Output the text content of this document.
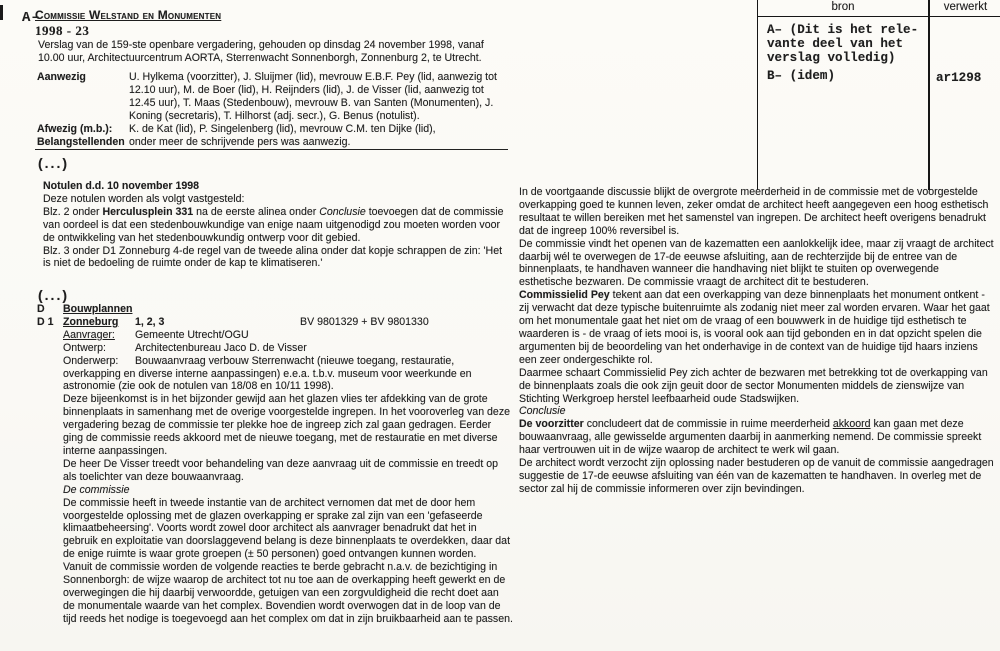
A–
bron	verwerkt
A– (Dit is het rele-
vante deel van het
verslag volledig)
B– (idem)	ar1298
Commissie Welstand en Monumenten
1998 - 23

Verslag van de 159-ste openbare vergadering, gehouden op dinsdag 24 november 1998, vanaf 10.00 uur, Architectuurcentrum AORTA, Sterrenwacht Sonnenborgh, Zonnenburg 2, te Utrecht.

Aanwezig	U. Hylkema (voorzitter), J. Sluijmer (lid), mevrouw E.B.F. Pey (lid, aanwezig tot 12.10 uur), M. de Boer (lid), H. Reijnders (lid), J. de Visser (lid, aanwezig tot 12.45 uur), T. Maas (Stedenbouw), mevrouw B. van Santen (Monumenten), J. Koning (secretaris), T. Hilhorst (adj. secr.), G. Benus (notulist).
Afwezig (m.b.):	K. de Kat (lid), P. Singelenberg (lid), mevrouw C.M. ten Dijke (lid),
Belangstellenden onder meer de schrijvende pers was aanwezig.
(...)
Notulen d.d. 10 november 1998

Deze notulen worden als volgt vastgesteld:

Blz. 2 onder Herculusplein 331 na de eerste alinea onder Conclusie toevoegen dat de commissie van oordeel is dat een stedenbouwkundige van enige naam uitgenodigd zou moeten worden voor de ontwikkeling van het stedenbouwkundig ontwerp voor dit gebied.

Blz. 3 onder D1 Zonneburg 4-de regel van de tweede alina onder dat kopje schrappen de zin: 'Het is niet de bedoeling de ruimte onder de kap te klimatiseren.'

(...)
D	Bouwplannen
D 1 Zonneburg 1, 2, 3	BV 9801329 + BV 9801330
Aanvrager:	Gemeente Utrecht/OGU
Ontwerp:	Architectenbureau Jaco D. de Visser

Onderwerp: Bouwaanvraag verbouw Sterrenwacht (nieuwe toegang, restauratie, overkapping en diverse interne aanpassingen) e.e.a. t.b.v. museum voor weerkunde en astronomie (zie ook de notulen van 18/08 en 10/11 1998).

Deze bijeenkomst is in het bijzonder gewijd aan het glazen vlies ter afdekking van de grote binnenplaats in samenhang met de overige voorgestelde ingrepen. In het vooroverleg van deze vergadering bezag de commissie ter plekke hoe de ingreep zich zal gaan gedragen. Eerder ging de commissie reeds akkoord met de nieuwe toegang, met de restauratie en met diverse interne aanpassingen.

De heer De Visser treedt voor behandeling van deze aanvraag uit de commissie en treedt op als toelichter van deze bouwaanvraag.

De commissie

De commissie heeft in tweede instantie van de architect vernomen dat met de door hem voorgestelde oplossing met de glazen overkapping er sprake zal zijn van een 'gefaseerde klimaatbeheersing'. Voorts wordt zowel door architect als aanvrager benadrukt dat het in gebruik en exploitatie van doorslaggevend belang is deze binnenplaats te overdekken, daar dat de enige ruimte is waar grote groepen (± 50 personen) goed ontvangen kunnen worden.

Vanuit de commissie worden de volgende reacties te berde gebracht n.a.v. de bezichtiging in Sonnenborgh: de wijze waarop de architect tot nu toe aan de overkapping heeft gewerkt en de overwegingen die hij daarbij verwoordde, getuigen van een zorgvuldigheid die recht doet aan de monumentale waarde van het complex. Bovendien wordt overwogen dat in de loop van de tijd reeds het nodige is toegevoegd aan het complex om dat in zijn bruikbaarheid aan te passen.

In de voortgaande discussie blijkt de overgrote meerderheid in de commissie met de voorgestelde overkapping goed te kunnen leven, zeker omdat de architect heeft aangegeven een hoog esthetisch resultaat te willen bereiken met het samenstel van ingrepen. De architect heeft overigens benadrukt dat de ingreep 100% reversibel is.

De commissie vindt het openen van de kazematten een aanlokkelijk idee, maar zij vraagt de architect daarbij wél te overwegen de 17-de eeuwse afsluiting, aan de rechterzijde bij de entree van de binnenplaats, te handhaven wanneer die handhaving niet blijkt te stuiten op overwegende esthetische bezwaren. De commissie vraagt de architect dit te bestuderen.

Commissielid Pey tekent aan dat een overkapping van deze binnenplaats het monument ontkent - zij verwacht dat deze typische buitenruimte als zodanig niet meer zal worden ervaren. Waar het gaat om het monumentale gaat het niet om de vraag of een bouwwerk in de huidige tijd esthetisch te waarderen is - de vraag of iets mooi is, is vooral ook aan tijd gebonden en in dat opzicht spelen die argumenten bij de beoordeling van het onderhavige in de context van de huidige tijd haars inziens een zeer ondergeschikte rol.

Daarmee schaart Commissielid Pey zich achter de bezwaren met betrekking tot de overkapping van de binnenplaats zoals die ook zijn geuit door de sector Monumenten middels de zienswijze van Stichting Werkgroep herstel leefbaarheid oude Stadswijken.

Conclusie

De voorzitter concludeert dat de commissie in ruime meerderheid akkoord kan gaan met deze bouwaanvraag, alle gewisselde argumenten daarbij in aanmerking nemend. De commissie spreekt haar vertrouwen uit in de wijze waarop de architect te werk wil gaan.

De architect wordt verzocht zijn oplossing nader bestuderen op de vanuit de commissie aangedragen suggestie de 17-de eeuwse afsluiting van één van de kazematten te handhaven. In overleg met de sector zal hij de commissie informeren over zijn bevindingen.
